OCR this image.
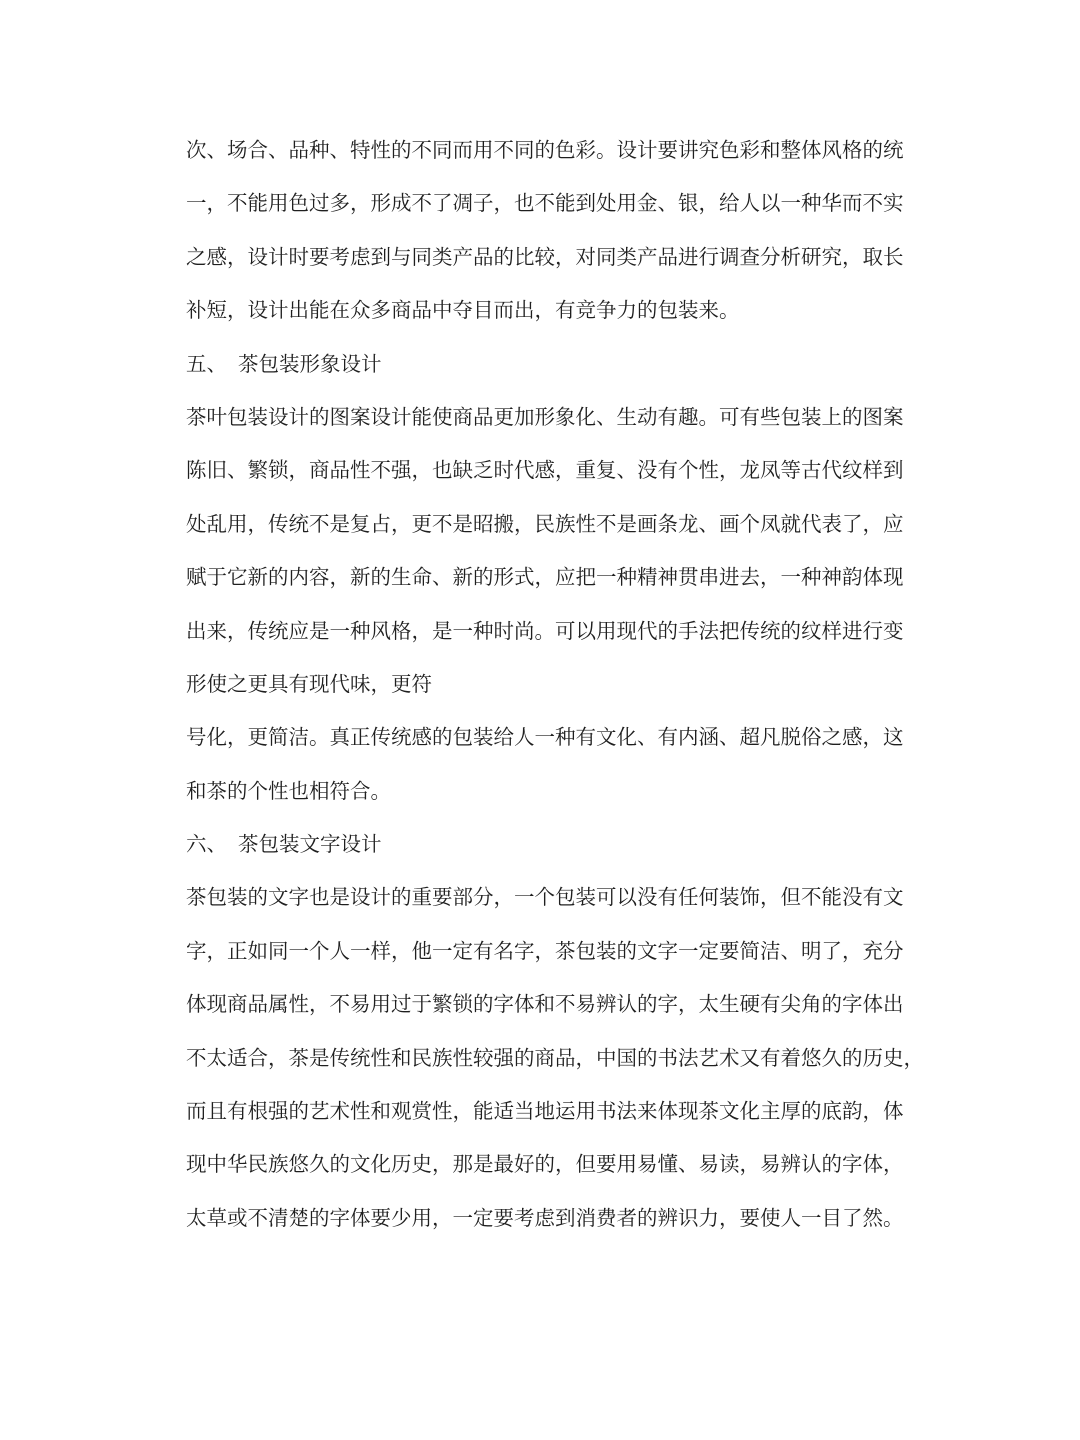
次 、 场 合 、 品 种 、 特 性 的 不 同 而 用 不 同 的 色 彩 。 设 计 要 讲 究 色 彩 和 整 体 风 格 的 统
一 ， 不 能 用 色 过 多 ， 形 成 不 了 凋 子 ， 也 不 能 到 处 用 金 、 银 ， 给 人 以 一 种 华 而 不 实
之 感 ， 设 计 时 要 考 虑 到 与 同 类 产 品 的 比 较 ， 对 同 类 产 品 进 行 调 查 分 析 研 究 ， 取 长
补短，设计出能在众多商品中夺目而出，有竞争力的包装来。
五、 茶包装形象设计
茶 叶 包 装 设 计 的 图 案 设 计 能 使 商 品 更 加 形 象 化 、 生 动 有 趣 。 可 有 些 包 装 上 的 图 案
陈 旧 、 繁 锁 ， 商 品 性 不 强 ， 也 缺 乏 时 代 感 ， 重 复 、 没 有 个 性 ， 龙 凤 等 古 代 纹 样 到
处 乱 用 ， 传 统 不 是 复 占 ， 更 不 是 昭 搬 ， 民 族 性 不 是 画 条 龙 、 画 个 凤 就 代 表 了 ， 应
赋 于 它 新 的 内 容 ， 新 的 生 命 、 新 的 形 式 ， 应 把 一 种 精 神 贯 串 进 去 ， 一 种 神 韵 体 现
出 来 ， 传 统 应 是 一 种 风 格 ， 是 一 种 时 尚 。 可 以 用 现 代 的 手 法 把 传 统 的 纹 样 进 行 变
形使之更具有现代味，更符
号 化 ， 更 简 洁 。 真 正 传 统 感 的 包 装 给 人 一 种 有 文 化 、 有 内 涵 、 超 凡 脱 俗 之 感 ， 这
和茶的个性也相符合。
六、 茶包装文字设计
茶 包 装 的 文 字 也 是 设 计 的 重 要 部 分 ， 一 个 包 装 可 以 没 有 任 何 装 饰 ， 但 不 能 没 有 文
字 ， 正 如 同 一 个 人 一 样 ， 他 一 定 有 名 字 ， 茶 包 装 的 文 字 一 定 要 简 洁 、 明 了 ， 充 分
体 现 商 品 属 性 ， 不 易 用 过 于 繁 锁 的 字 体 和 不 易 辨 认 的 字 ， 太 生 硬 有 尖 角 的 字 体 出
不 太 适 合 ， 茶 是 传 统 性 和 民 族 性 较 强 的 商 品 ， 中 国 的 书 法 艺 术 又 有 着 悠 久 的 历 史 ，
而 且 有 根 强 的 艺 术 性 和 观 赏 性 ， 能 适 当 地 运 用 书 法 来 体 现 茶 文 化 主 厚 的 底 韵 ， 体
现 中 华 民 族 悠 久 的 文 化 历 史 ， 那 是 最 好 的 ， 但 要 用 易 懂 、 易 读 ， 易 辨 认 的 字 体 ，
太 草 或 不 清 楚 的 字 体 要 少 用 ， 一 定 要 考 虑 到 消 费 者 的 辨 识 力 ， 要 使 人 一 目 了 然 。
